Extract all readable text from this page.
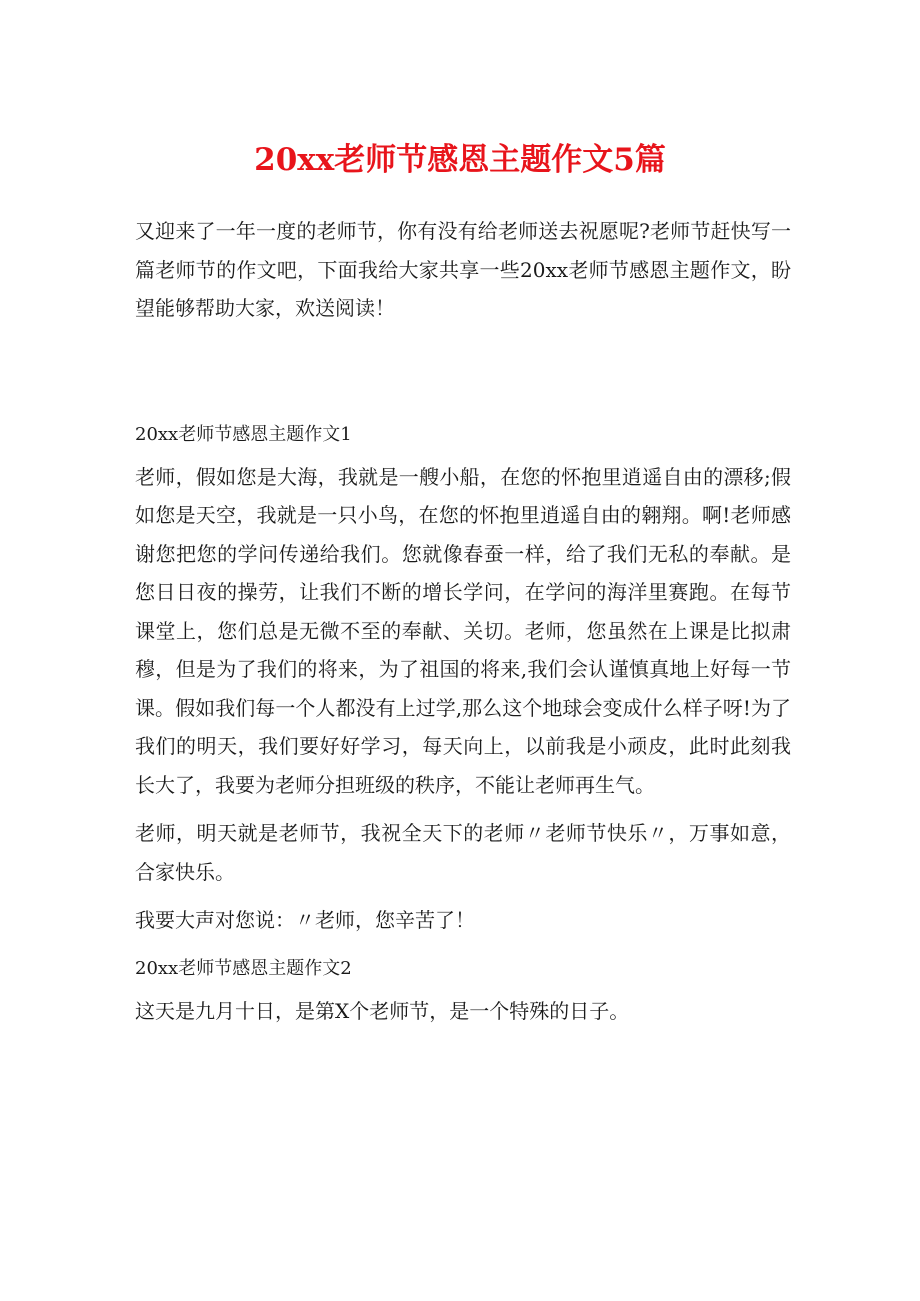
20xx老师节感恩主题作文5篇

又迎来了一年一度的老师节，你有没有给老师送去祝愿呢?老师节赶快写一篇老师节的作文吧，下面我给大家共享一些20xx老师节感恩主题作文，盼望能够帮助大家，欢送阅读！

20xx老师节感恩主题作文1

老师，假如您是大海，我就是一艘小船，在您的怀抱里逍遥自由的漂移;假如您是天空，我就是一只小鸟，在您的怀抱里逍遥自由的翱翔。啊!老师感谢您把您的学问传递给我们。您就像春蚕一样，给了我们无私的奉献。是您日日夜的操劳，让我们不断的增长学问，在学问的海洋里赛跑。在每节课堂上，您们总是无微不至的奉献、关切。老师，您虽然在上课是比拟肃穆，但是为了我们的将来，为了祖国的将来,我们会认谨慎真地上好每一节课。假如我们每一个人都没有上过学,那么这个地球会变成什么样子呀!为了我们的明天，我们要好好学习，每天向上，以前我是小顽皮，此时此刻我长大了，我要为老师分担班级的秩序，不能让老师再生气。

老师，明天就是老师节，我祝全天下的老师〃老师节快乐〃，万事如意，合家快乐。

我要大声对您说：〃老师，您辛苦了！

20xx老师节感恩主题作文2

这天是九月十日，是第X个老师节，是一个特殊的日子。
